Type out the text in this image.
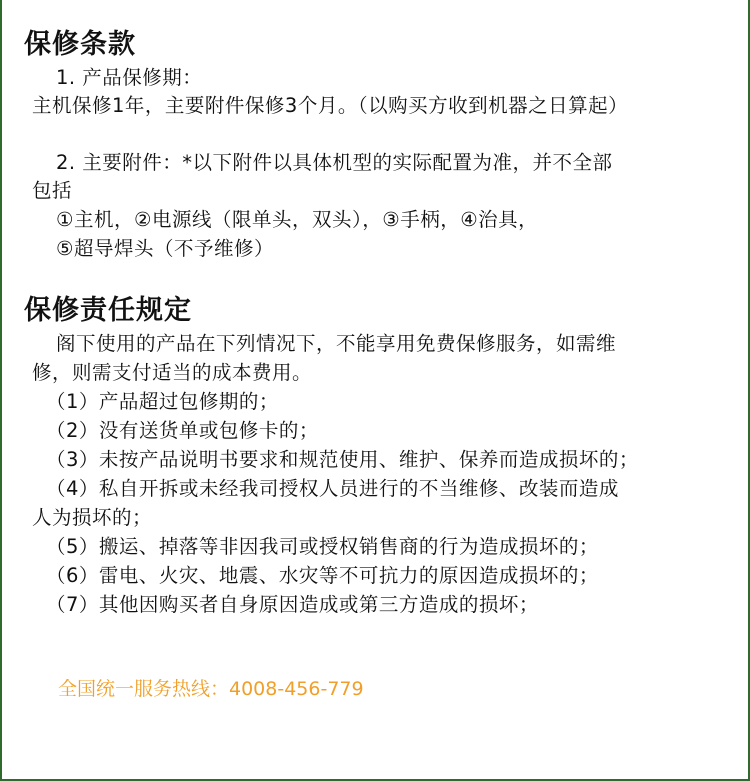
保修条款
1. 产品保修期：
主机保修1年，主要附件保修3个月。（以购买方收到机器之日算起）
2. 主要附件：*以下附件以具体机型的实际配置为准，并不全部
包括
①主机，②电源线（限单头，双头），③手柄，④治具，
⑤超导焊头（不予维修）
保修责任规定
阁下使用的产品在下列情况下，不能享用免费保修服务，如需维
修，则需支付适当的成本费用。
（1）产品超过包修期的；
（2）没有送货单或包修卡的；
（3）未按产品说明书要求和规范使用、维护、保养而造成损坏的；
（4）私自开拆或未经我司授权人员进行的不当维修、改装而造成
人为损坏的；
（5）搬运、掉落等非因我司或授权销售商的行为造成损坏的；
（6）雷电、火灾、地震、水灾等不可抗力的原因造成损坏的；
（7）其他因购买者自身原因造成或第三方造成的损坏；
全国统一服务热线：4008-456-779
